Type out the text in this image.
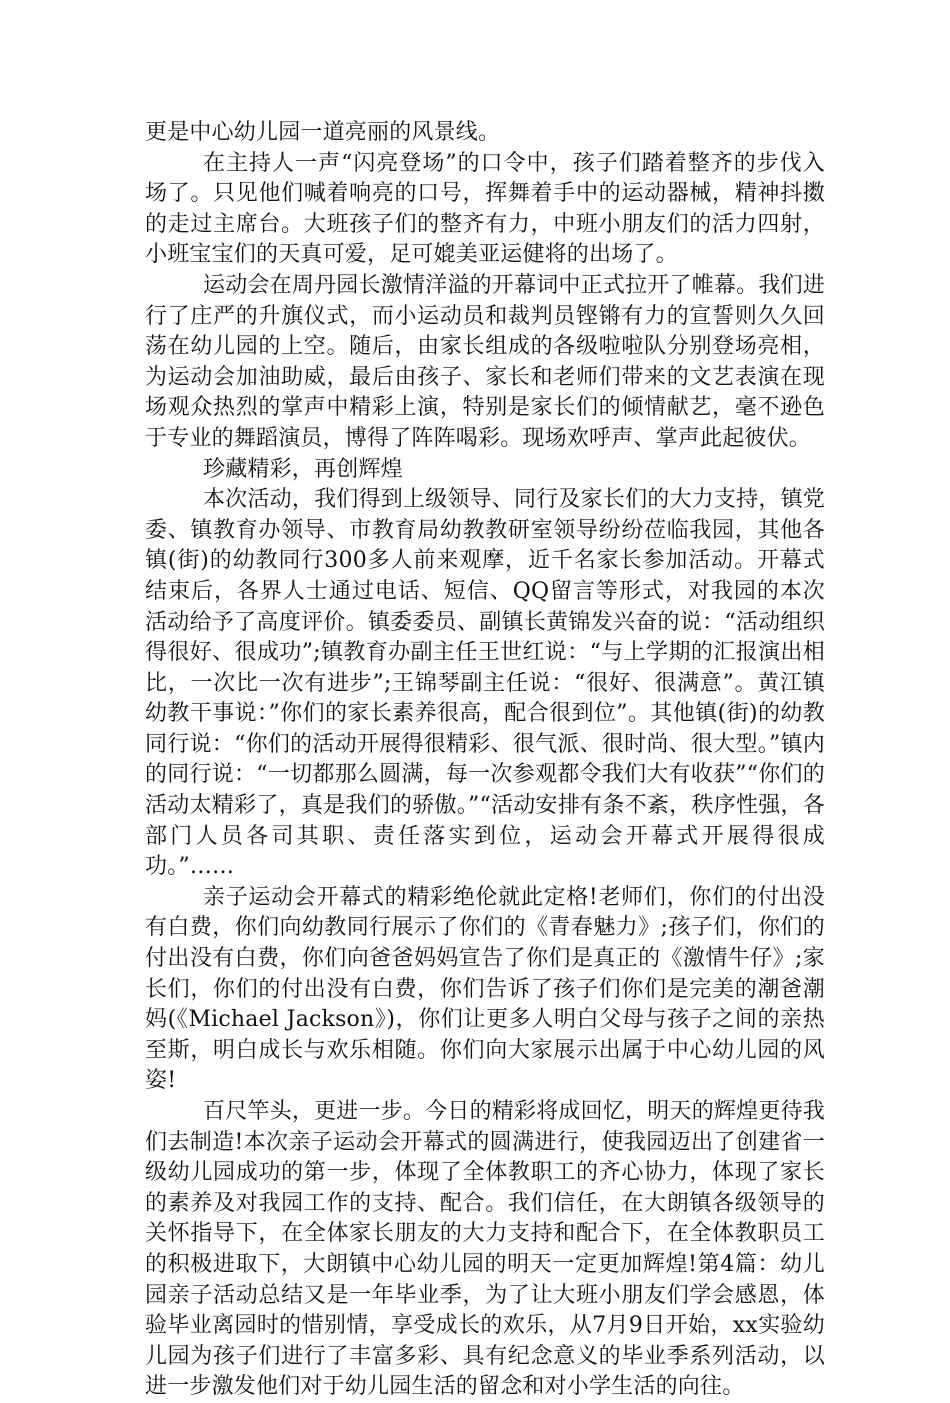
更是中心幼儿园一道亮丽的风景线。

在主持人一声“闪亮登场”的口令中，孩子们踏着整齐的步伐入场了。只见他们喊着响亮的口号，挥舞着手中的运动器械，精神抖擞的走过主席台。大班孩子们的整齐有力，中班小朋友们的活力四射，小班宝宝们的天真可爱，足可媲美亚运健将的出场了。

运动会在周丹园长激情洋溢的开幕词中正式拉开了帷幕。我们进行了庄严的升旗仪式，而小运动员和裁判员铿锵有力的宣誓则久久回荡在幼儿园的上空。随后，由家长组成的各级啦啦队分别登场亮相，为运动会加油助威，最后由孩子、家长和老师们带来的文艺表演在现场观众热烈的掌声中精彩上演，特别是家长们的倾情献艺，毫不逊色于专业的舞蹈演员，博得了阵阵喝彩。现场欢呼声、掌声此起彼伏。

珍藏精彩，再创辉煌

本次活动，我们得到上级领导、同行及家长们的大力支持，镇党委、镇教育办领导、市教育局幼教教研室领导纷纷莅临我园，其他各镇(街)的幼教同行300多人前来观摩，近千名家长参加活动。开幕式结束后，各界人士通过电话、短信、QQ留言等形式，对我园的本次活动给予了高度评价。镇委委员、副镇长黄锦发兴奋的说：“活动组织得很好、很成功”;镇教育办副主任王世红说：“与上学期的汇报演出相比，一次比一次有进步”;王锦琴副主任说：“很好、很满意”。黄江镇幼教干事说：”你们的家长素养很高，配合很到位”。其他镇(街)的幼教同行说：“你们的活动开展得很精彩、很气派、很时尚、很大型。”镇内的同行说：“一切都那么圆满，每一次参观都令我们大有收获”“你们的活动太精彩了，真是我们的骄傲。”“活动安排有条不紊，秩序性强，各部门人员各司其职、责任落实到位，运动会开幕式开展得很成功。”……

亲子运动会开幕式的精彩绝伦就此定格!老师们，你们的付出没有白费，你们向幼教同行展示了你们的《青春魅力》;孩子们，你们的付出没有白费，你们向爸爸妈妈宣告了你们是真正的《激情牛仔》;家长们，你们的付出没有白费，你们告诉了孩子们你们是完美的潮爸潮妈(《Michael Jackson》)，你们让更多人明白父母与孩子之间的亲热至斯，明白成长与欢乐相随。你们向大家展示出属于中心幼儿园的风姿!

百尺竿头，更进一步。今日的精彩将成回忆，明天的辉煌更待我们去制造!本次亲子运动会开幕式的圆满进行，使我园迈出了创建省一级幼儿园成功的第一步，体现了全体教职工的齐心协力，体现了家长的素养及对我园工作的支持、配合。我们信任，在大朗镇各级领导的关怀指导下，在全体家长朋友的大力支持和配合下，在全体教职员工的积极进取下，大朗镇中心幼儿园的明天一定更加辉煌!第4篇：幼儿园亲子活动总结又是一年毕业季，为了让大班小朋友们学会感恩，体验毕业离园时的惜别情，享受成长的欢乐，从7月9日开始，xx实验幼儿园为孩子们进行了丰富多彩、具有纪念意义的毕业季系列活动，以进一步激发他们对于幼儿园生活的留念和对小学生活的向往。
